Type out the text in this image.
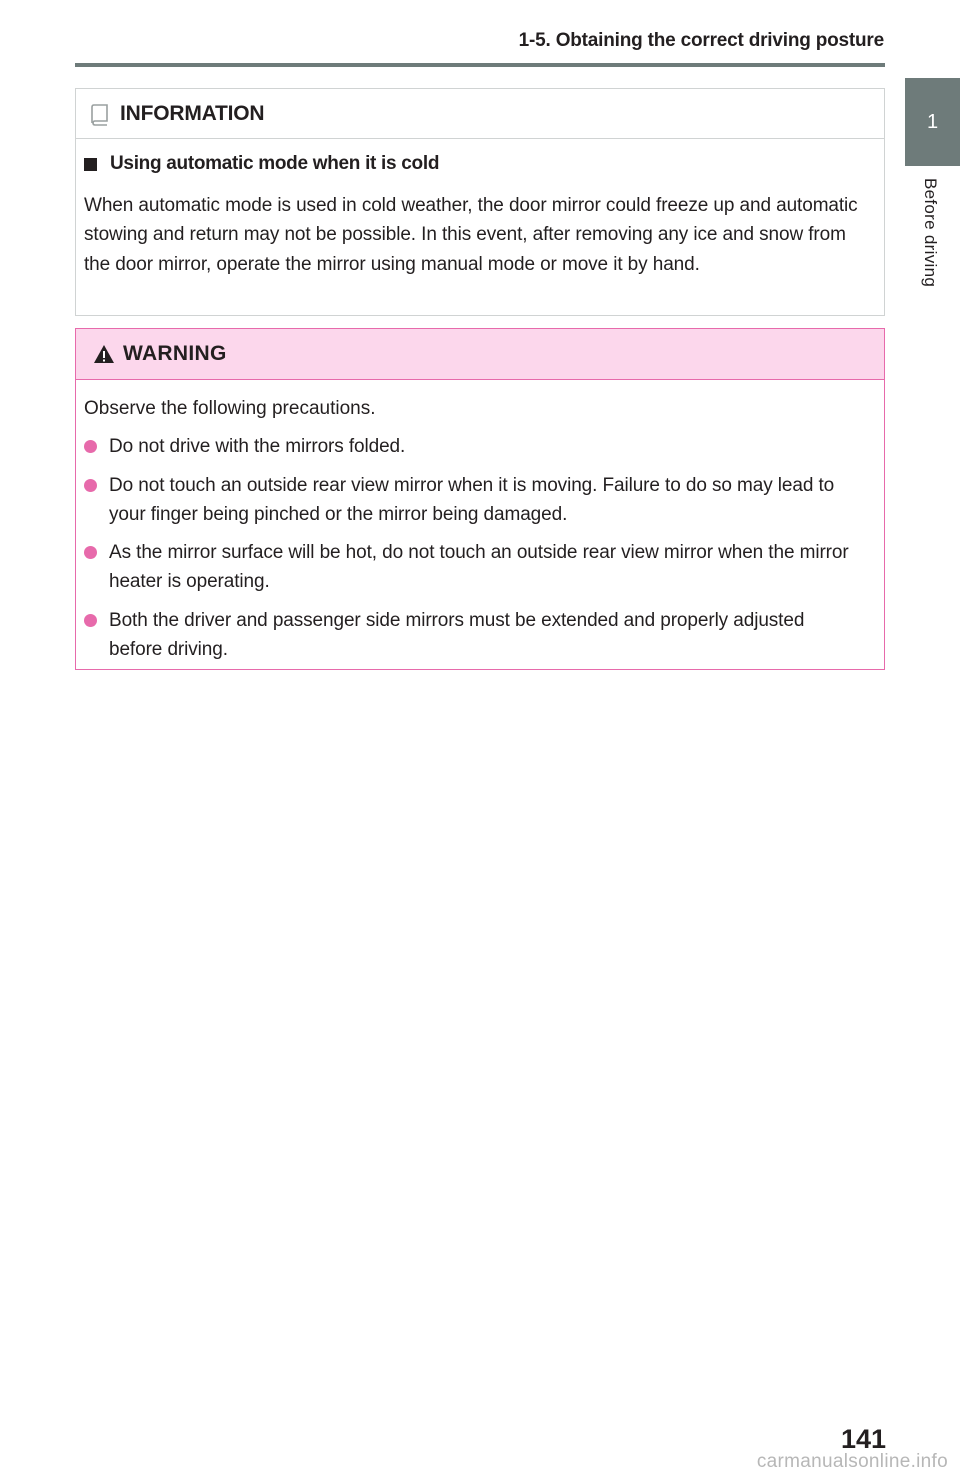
1-5. Obtaining the correct driving posture
1
Before driving
INFORMATION
Using automatic mode when it is cold

When automatic mode is used in cold weather, the door mirror could freeze up and automatic stowing and return may not be possible. In this event, after removing any ice and snow from the door mirror, operate the mirror using manual mode or move it by hand.

WARNING

Observe the following precautions.

Do not drive with the mirrors folded.
Do not touch an outside rear view mirror when it is moving. Failure to do so may lead to your finger being pinched or the mirror being damaged.
As the mirror surface will be hot, do not touch an outside rear view mirror when the mirror heater is operating.
Both the driver and passenger side mirrors must be extended and properly adjusted before driving.
141
carmanualsonline.info
